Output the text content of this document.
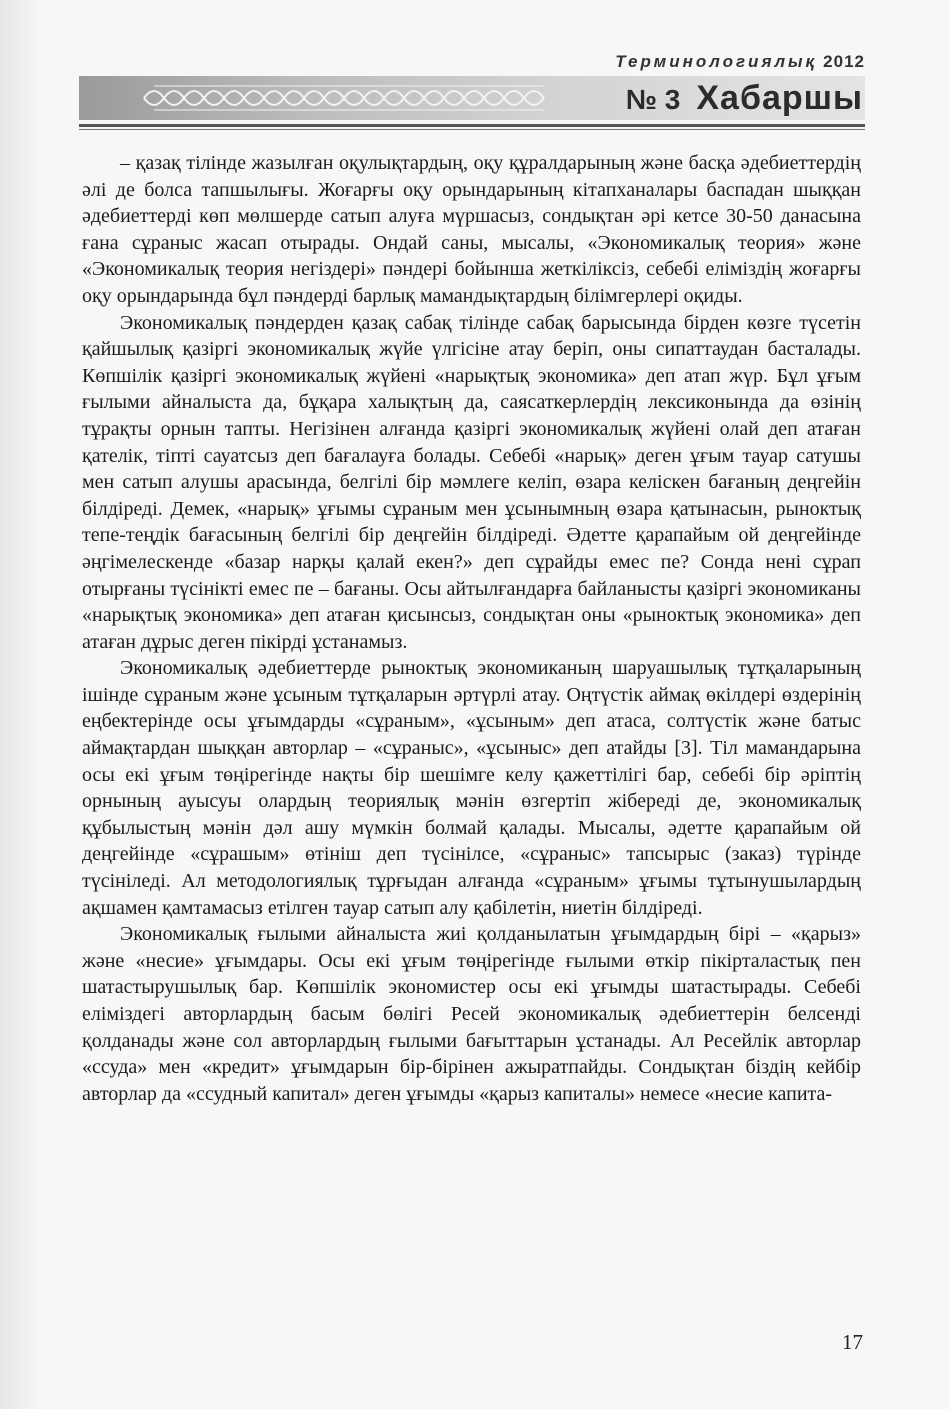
Терминологиялық 2012
№ 3 Хабаршы

– қазақ тілінде жазылған оқулықтардың, оқу құралдарының және басқа әдебиеттердің әлі де болса тапшылығы. Жоғарғы оқу орындарының кітапханалары баспадан шыққан әдебиеттерді көп мөлшерде сатып алуға мүршасыз, сондықтан әрі кетсе 30-50 данасына ғана сұраныс жасап отырады. Ондай саны, мысалы, «Экономикалық теория» және «Экономикалық теория негіздері» пәндері бойынша жеткіліксіз, себебі еліміздің жоғарғы оқу орындарында бұл пәндерді барлық мамандықтардың білімгерлері оқиды.

Экономикалық пәндерден қазақ сабақ тілінде сабақ барысында бірден көзге түсетін қайшылық қазіргі экономикалық жүйе үлгісіне атау беріп, оны сипаттаудан басталады. Көпшілік қазіргі экономикалық жүйені «нарықтық экономика» деп атап жүр. Бұл ұғым ғылыми айналыста да, бұқара халықтың да, саясаткерлердің лексиконында да өзінің тұрақты орнын тапты. Негізінен алғанда қазіргі экономикалық жүйені олай деп атаған қателік, тіпті сауатсыз деп бағалауға болады. Себебі «нарық» деген ұғым тауар сатушы мен сатып алушы арасында, белгілі бір мәмлеге келіп, өзара келіскен бағаның деңгейін білдіреді. Демек, «нарық» ұғымы сұраным мен ұсынымның өзара қатынасын, рыноктық тепе-теңдік бағасының белгілі бір деңгейін білдіреді. Әдетте қарапайым ой деңгейінде әңгімелескенде «базар нарқы қалай екен?» деп сұрайды емес пе? Сонда нені сұрап отырғаны түсінікті емес пе – бағаны. Осы айтылғандарға байланысты қазіргі экономиканы «нарықтық экономика» деп атаған қисынсыз, сондықтан оны «рыноктық экономика» деп атаған дұрыс деген пікірді ұстанамыз.

Экономикалық әдебиеттерде рыноктық экономиканың шаруашылық тұтқаларының ішінде сұраным және ұсыным тұтқаларын әртүрлі атау. Оңтүстік аймақ өкілдері өздерінің еңбектерінде осы ұғымдарды «сұраным», «ұсыным» деп атаса, солтүстік және батыс аймақтардан шыққан авторлар – «сұраныс», «ұсыныс» деп атайды [3]. Тіл мамандарына осы екі ұғым төңірегінде нақты бір шешімге келу қажеттілігі бар, себебі бір әріптің орнының ауысуы олардың теориялық мәнін өзгертіп жібереді де, экономикалық құбылыстың мәнін дәл ашу мүмкін болмай қалады. Мысалы, әдетте қарапайым ой деңгейінде «сұрашым» өтініш деп түсінілсе, «сұраныс» тапсырыс (заказ) түрінде түсініледі. Ал методологиялық тұрғыдан алғанда «сұраным» ұғымы тұтынушылардың ақшамен қамтамасыз етілген тауар сатып алу қабілетін, ниетін білдіреді.

Экономикалық ғылыми айналыста жиі қолданылатын ұғымдардың бірі – «қарыз» және «несие» ұғымдары. Осы екі ұғым төңірегінде ғылыми өткір пікірталастық пен шатастырушылық бар. Көпшілік экономистер осы екі ұғымды шатастырады. Себебі еліміздегі авторлардың басым бөлігі Ресей экономикалық әдебиеттерін белсенді қолданады және сол авторлардың ғылыми бағыттарын ұстанады. Ал Ресейлік авторлар «ссуда» мен «кредит» ұғымдарын бір-бірінен ажыратпайды. Сондықтан біздің кейбір авторлар да «ссудный капитал» деген ұғымды «қарыз капиталы» немесе «несие капита-

17
